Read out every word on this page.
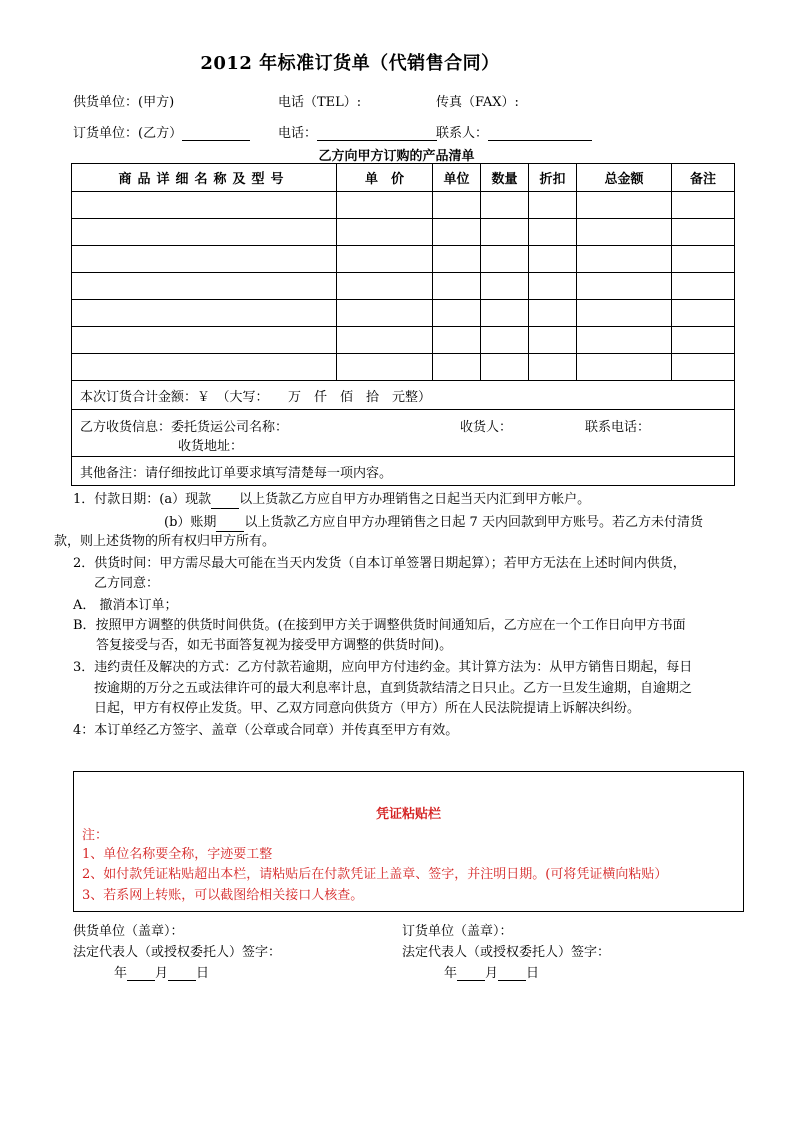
2012 年标准订货单（代销售合同）
供货单位：(甲方)	电话（TEL）:	传真（FAX）:
订货单位：(乙方）	电话：	联系人：
乙方向甲方订购的产品清单
商品详细名称及型号	单　价	单位	数量	折扣	总金额	备注

本次订货合计金额：￥　（大写：　　万　仟　佰　拾　元整）						

乙方收货信息：委托货运公司名称： 收货人： 联系电话：
收货地址：						

其他备注：请仔细按此订单要求填写清楚每一项内容。						
1．付款日期：(a）现款 以上货款乙方应自甲方办理销售之日起当天内汇到甲方帐户。
(b）账期 以上货款乙方应自甲方办理销售之日起 7 天内回款到甲方账号。若乙方未付清货
款，则上述货物的所有权归甲方所有。
2．供货时间：甲方需尽最大可能在当天内发货（自本订单签署日期起算）；若甲方无法在上述时间内供货，
乙方同意：
A． 撤消本订单；
B．按照甲方调整的供货时间供货。(在接到甲方关于调整供货时间通知后，乙方应在一个工作日向甲方书面
答复接受与否，如无书面答复视为接受甲方调整的供货时间)。
3．违约责任及解决的方式：乙方付款若逾期，应向甲方付违约金。其计算方法为：从甲方销售日期起，每日
按逾期的万分之五或法律许可的最大利息率计息，直到货款结清之日只止。乙方一旦发生逾期，自逾期之
日起，甲方有权停止发货。甲、乙双方同意向供货方（甲方）所在人民法院提请上诉解决纠纷。
4：本订单经乙方签字、盖章（公章或合同章）并传真至甲方有效。
凭证粘贴栏
注：
1、单位名称要全称，字迹要工整
2、如付款凭证粘贴超出本栏，请粘贴后在付款凭证上盖章、签字，并注明日期。(可将凭证横向粘贴）
3、若系网上转账，可以截图给相关接口人核查。
供货单位（盖章）：	订货单位（盖章）：
法定代表人（或授权委托人）签字：	法定代表人（或授权委托人）签字：
年 月 日	年 月 日
